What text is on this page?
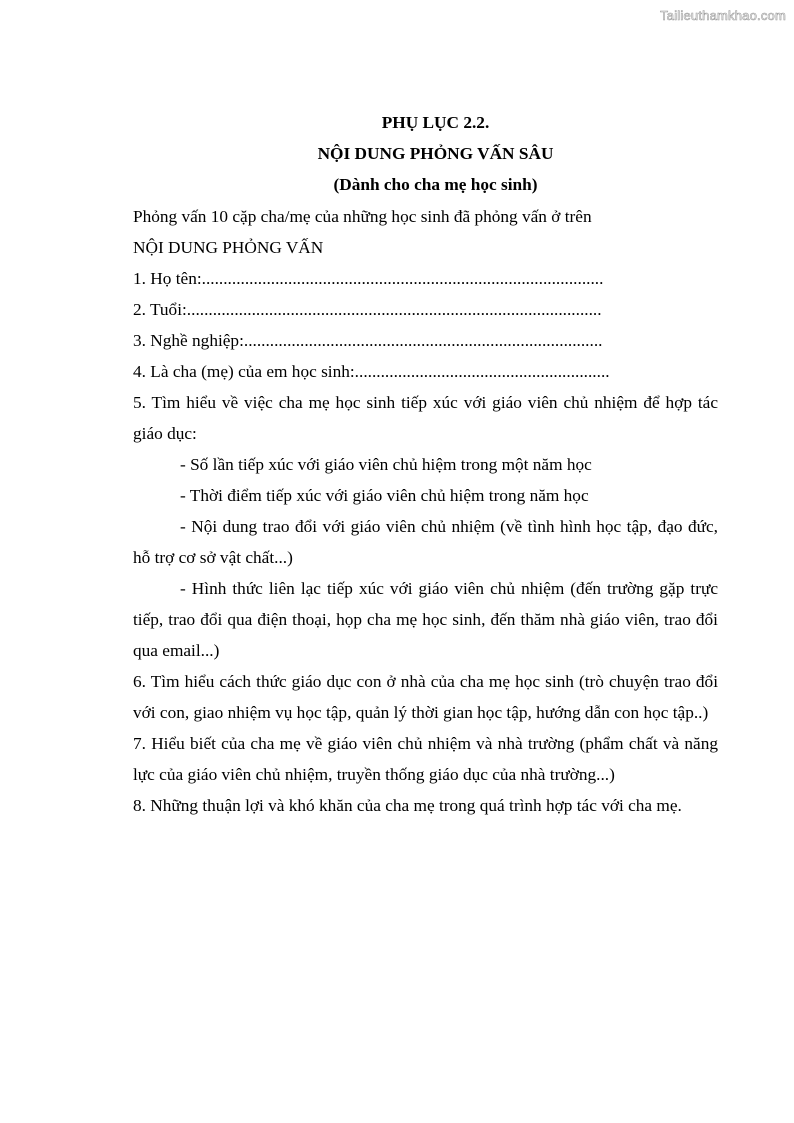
Tailieuthamkhao.com
PHỤ LỤC 2.2.
NỘI DUNG PHỎNG VẤN SÂU
(Dành cho cha mẹ học sinh)
Phỏng vấn 10 cặp cha/mẹ của những học sinh đã phỏng vấn ở trên
NỘI DUNG PHỎNG VẤN
1. Họ tên:.............................................................................................
2. Tuổi:................................................................................................
3. Nghề nghiệp:...................................................................................
4. Là cha (mẹ) của em học sinh:...........................................................
5. Tìm hiểu về việc cha mẹ học sinh tiếp xúc với giáo viên chủ nhiệm để hợp tác giáo dục:
- Số lần tiếp xúc với giáo viên chủ hiệm trong một năm học
- Thời điểm tiếp xúc với giáo viên chủ hiệm trong năm học
- Nội dung trao đổi với giáo viên chủ nhiệm (về tình hình học tập, đạo đức, hỗ trợ cơ sở vật chất...)
- Hình thức liên lạc tiếp xúc với giáo viên chủ nhiệm (đến trường gặp trực tiếp, trao đổi qua điện thoại, họp cha mẹ học sinh, đến thăm nhà giáo viên, trao đổi qua email...)
6. Tìm hiểu cách thức giáo dục con ở nhà của cha mẹ học sinh (trò chuyện trao đổi với con, giao nhiệm vụ học tập, quản lý thời gian học tập, hướng dẫn con học tập..)
7. Hiểu biết của cha mẹ về giáo viên chủ nhiệm và nhà trường (phẩm chất và năng lực của giáo viên chủ nhiệm, truyền thống giáo dục của nhà trường...)
8. Những thuận lợi và khó khăn của cha mẹ trong quá trình hợp tác với cha mẹ.
